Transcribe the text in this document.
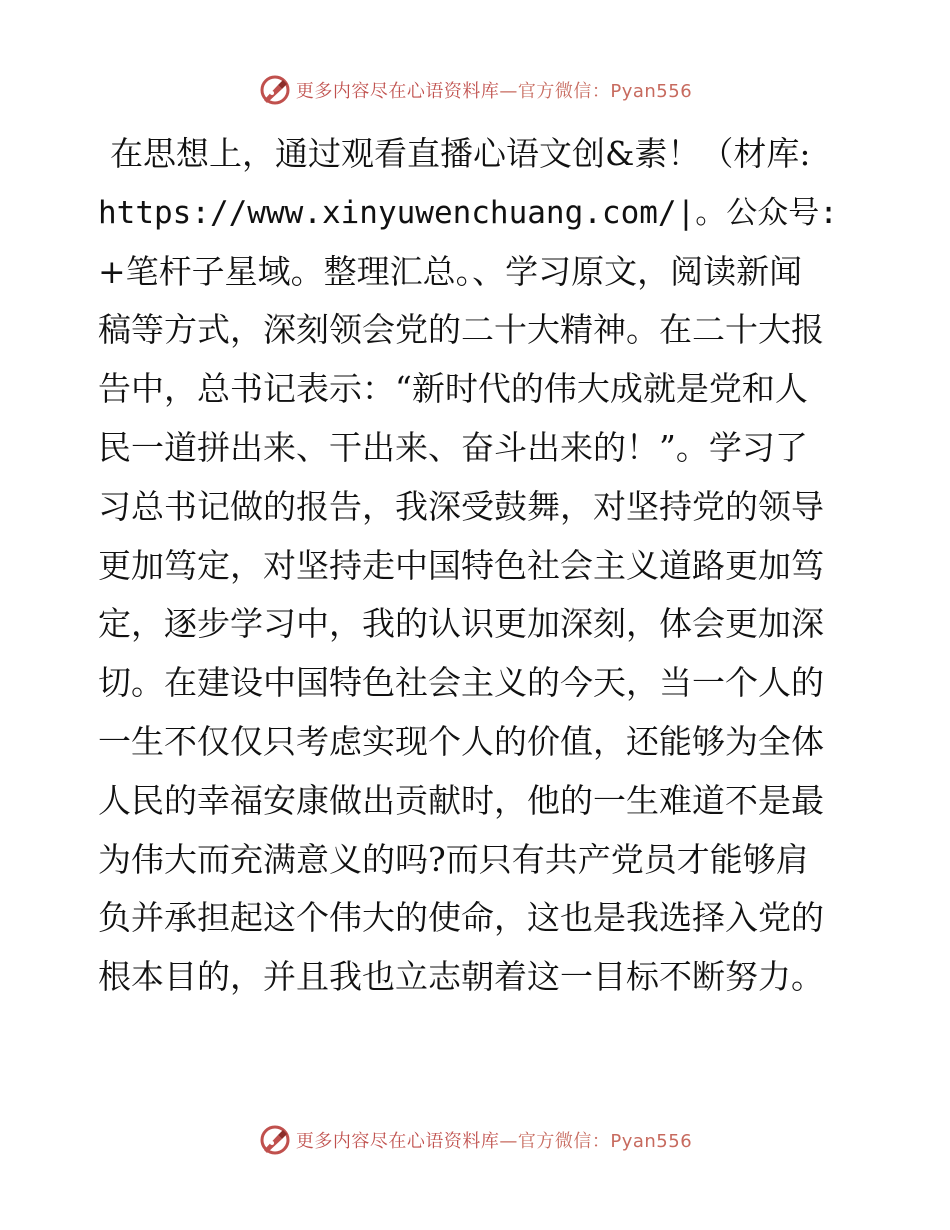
更多内容尽在心语资料库—官方微信：Pyan556
在思想上，通过观看直播心语文创&素！（材库:
https://www.xinyuwenchuang.com/|。公众号:
+笔杆子星域。整理汇总。、学习原文，阅读新闻
稿等方式，深刻领会党的二十大精神。在二十大报
告中，总书记表示：“新时代的伟大成就是党和人
民一道拼出来、干出来、奋斗出来的！”。学习了
习总书记做的报告，我深受鼓舞，对坚持党的领导
更加笃定，对坚持走中国特色社会主义道路更加笃
定，逐步学习中，我的认识更加深刻，体会更加深
切。在建设中国特色社会主义的今天，当一个人的
一生不仅仅只考虑实现个人的价值，还能够为全体
人民的幸福安康做出贡献时，他的一生难道不是最
为伟大而充满意义的吗?而只有共产党员才能够肩
负并承担起这个伟大的使命，这也是我选择入党的
根本目的，并且我也立志朝着这一目标不断努力。
更多内容尽在心语资料库—官方微信：Pyan556
